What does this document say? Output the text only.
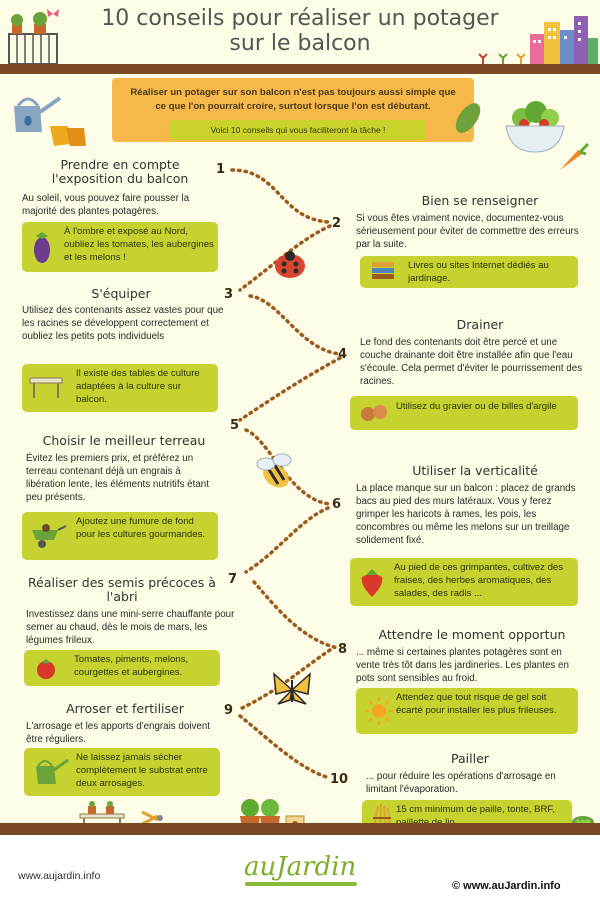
10 conseils pour réaliser un potager
sur le balcon

Réaliser un potager sur son balcon n'est pas toujours aussi simple que ce que l'on pourrait croire, surtout lorsque l'on est débutant.

Voici 10 conseils qui vous faciliteront la tâche !
Prendre en compte l'exposition du balcon
1
Au soleil, vous pouvez faire pousser la majorité des plantes potagères.
À l'ombre et exposé au Nord, oubliez les tomates, les aubergines et les melons !
Bien se renseigner
2 Si vous êtes vraiment novice, documentez-vous sérieusement pour éviter de commettre des erreurs par la suite.
Livres ou sites Internet dédiés au jardinage.
S'équiper	3
Utilisez des contenants assez vastes pour que les racines se développent correctement et oubliez les petits pots individuels
Il existe des tables de culture adaptées à la culture sur balcon.
Drainer
4
Le fond des contenants doit être percé et une couche drainante doit être installée afin que l'eau s'écoule. Cela permet d'éviter le pourrissement des racines.
Utilisez du gravier ou de billes d'argile
5
Choisir le meilleur terreau
Évitez les premiers prix, et préférez un terreau contenant déjà un engrais à libération lente, les éléments nutritifs étant peu présents.
Ajoutez une fumure de fond pour les cultures gourmandes.
Utiliser la verticalité
6
La place manque sur un balcon : placez de grands bacs au pied des murs latéraux. Vous y ferez grimper les haricots à rames, les pois, les concombres ou même les melons sur un treillage solidement fixé.
Au pied de ces grimpantes, cultivez des fraises, des herbes aromatiques, des salades, des radis ...
7
Réaliser des semis précoces à l'abri
Investissez dans une mini-serre chauffante pour semer au chaud, dès le mois de mars, les légumes frileux.
Tomates, piments, melons, courgettes et aubergines.
Attendre le moment opportun
8 ... même si certaines plantes potagères sont en vente très tôt dans les jardineries. Les plantes en pots sont sensibles au froid.
Attendez que tout risque de gel soit écarté pour installer les plus frileuses.
Arroser et fertiliser	9
L'arrosage et les apports d'engrais doivent être réguliers.
Ne laissez jamais sécher complètement le substrat entre deux arrosages.
Pailler
10 ... pour réduire les opérations d'arrosage en limitant l'évaporation.
15 cm minimum de paille, tonte, BRF,
www.aujardin.info	auJardin
© www.auJardin.info
